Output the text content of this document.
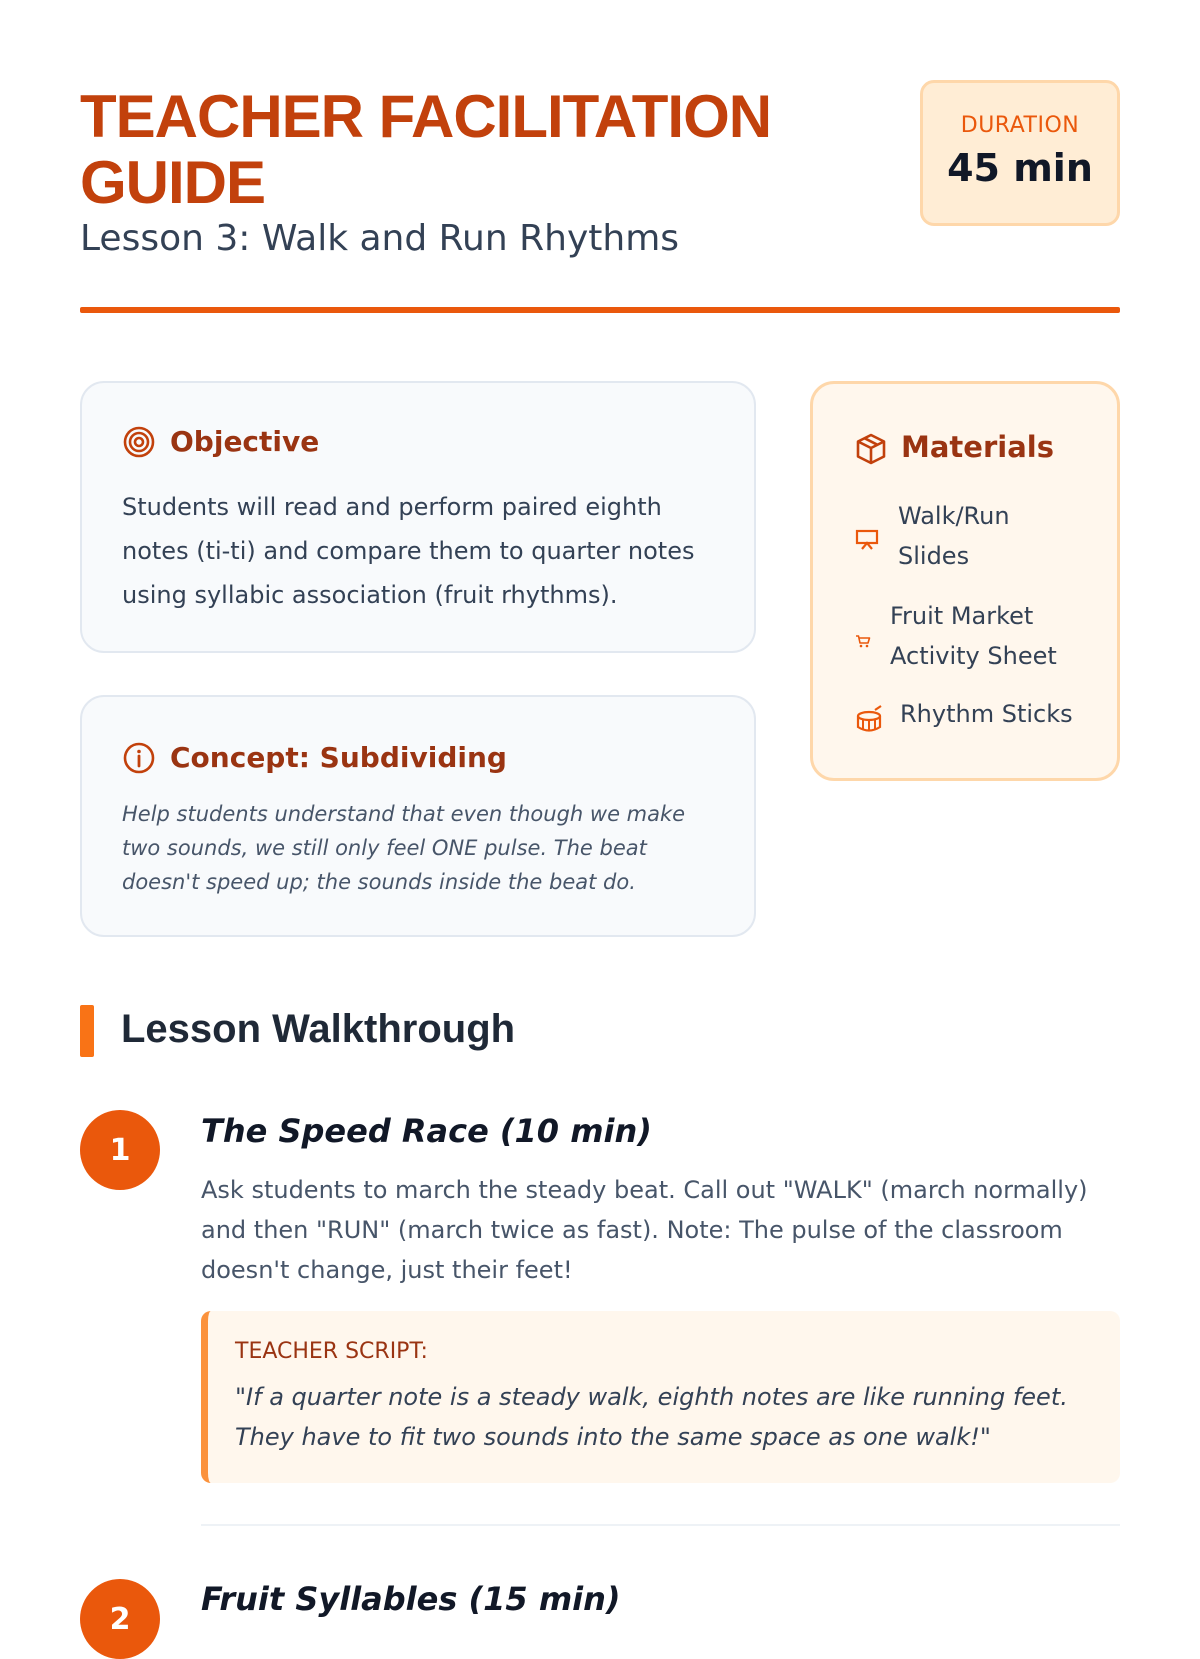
TEACHER FACILITATION GUIDE
Lesson 3: Walk and Run Rhythms
DURATION
45 min
Objective
Students will read and perform paired eighth notes (ti-ti) and compare them to quarter notes using syllabic association (fruit rhythms).
Concept: Subdividing
Help students understand that even though we make two sounds, we still only feel ONE pulse. The beat doesn't speed up; the sounds inside the beat do.
Materials
Walk/Run Slides
Fruit Market Activity Sheet
Rhythm Sticks
Lesson Walkthrough
1	The Speed Race (10 min)
Ask students to march the steady beat. Call out "WALK" (march normally) and then "RUN" (march twice as fast). Note: The pulse of the classroom doesn't change, just their feet!
TEACHER SCRIPT:
"If a quarter note is a steady walk, eighth notes are like running feet. They have to fit two sounds into the same space as one walk!"
2
Fruit Syllables (15 min)
